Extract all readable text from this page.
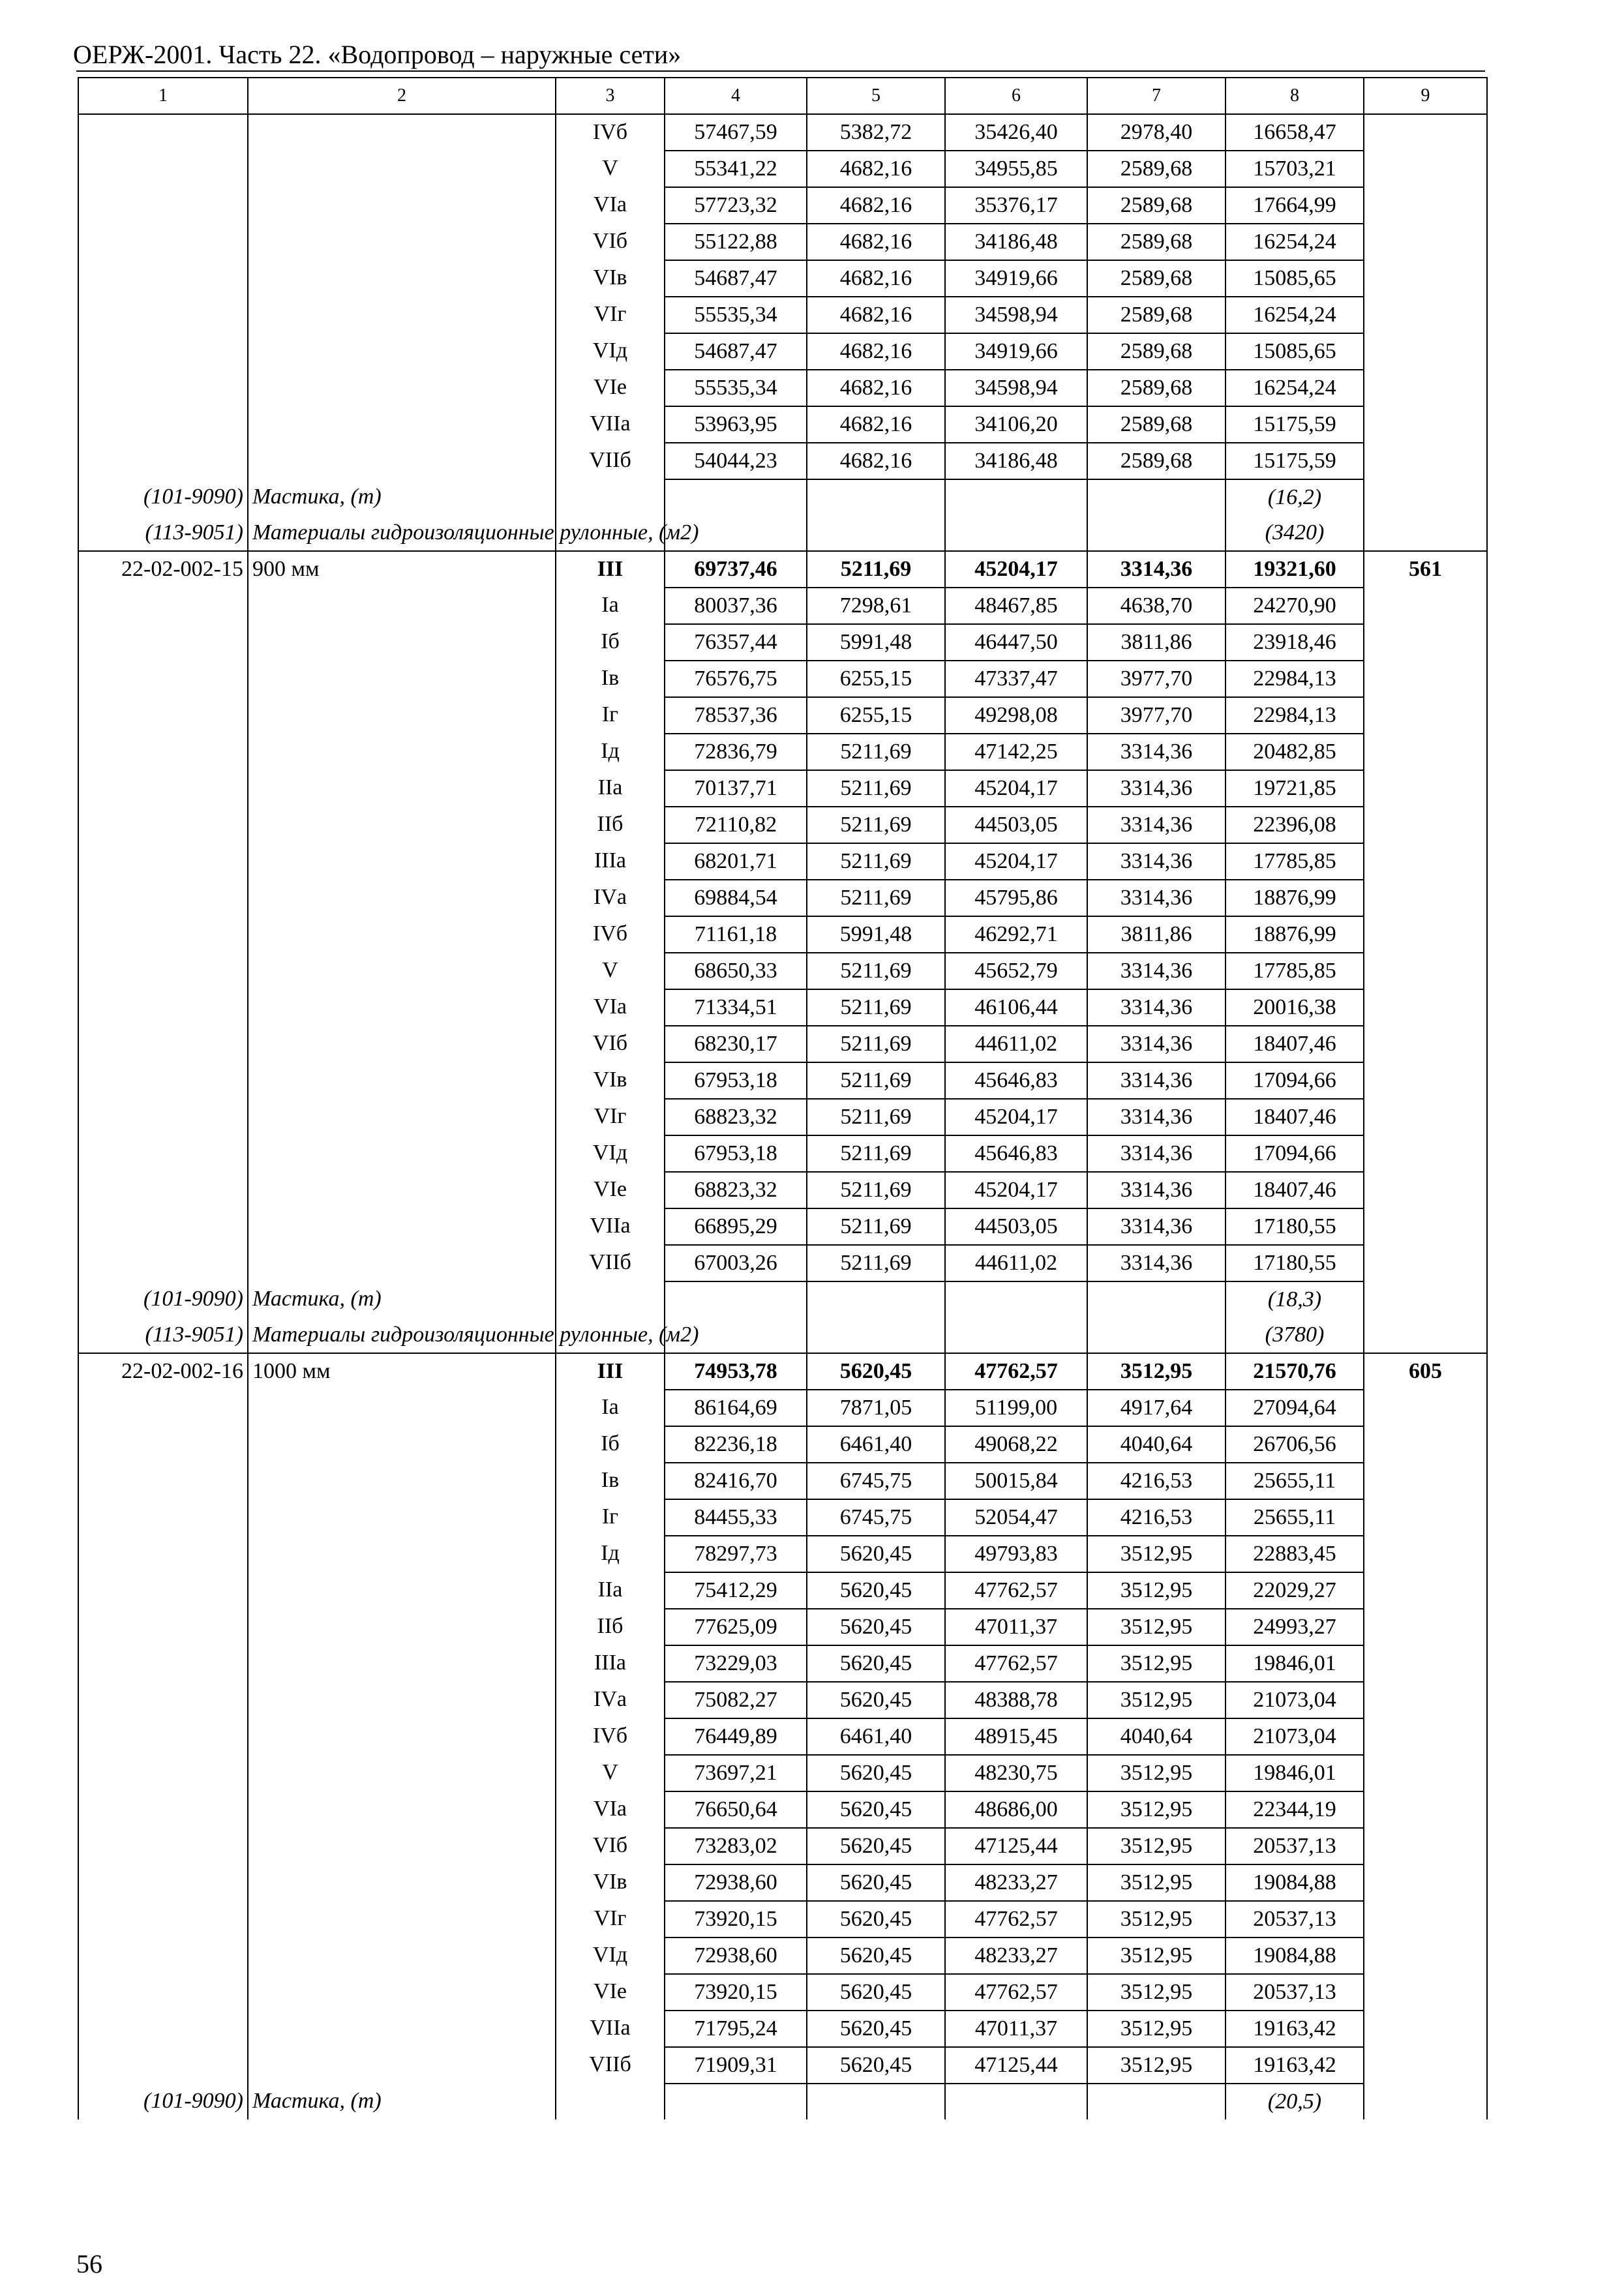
ОЕРЖ-2001. Часть 22. «Водопровод – наружные сети»
1	2	3	4	5	6	7	8	9
		IVб	57467,59	5382,72	35426,40	2978,40	16658,47	
		V	55341,22	4682,16	34955,85	2589,68	15703,21	
		VIа	57723,32	4682,16	35376,17	2589,68	17664,99	
		VIб	55122,88	4682,16	34186,48	2589,68	16254,24	
		VIв	54687,47	4682,16	34919,66	2589,68	15085,65	
		VIг	55535,34	4682,16	34598,94	2589,68	16254,24	
		VIд	54687,47	4682,16	34919,66	2589,68	15085,65	
		VIе	55535,34	4682,16	34598,94	2589,68	16254,24	
		VIIа	53963,95	4682,16	34106,20	2589,68	15175,59	
		VIIб	54044,23	4682,16	34186,48	2589,68	15175,59	
(101-9090)	Мастика, (т)						(16,2)	
(113-9051)	Материалы гидроизоляционные рулонные, (м2)						(3420)	
22-02-002-15	900 мм	III	69737,46	5211,69	45204,17	3314,36	19321,60	561
		Iа	80037,36	7298,61	48467,85	4638,70	24270,90	
		Iб	76357,44	5991,48	46447,50	3811,86	23918,46	
		Iв	76576,75	6255,15	47337,47	3977,70	22984,13	
		Iг	78537,36	6255,15	49298,08	3977,70	22984,13	
		Iд	72836,79	5211,69	47142,25	3314,36	20482,85	
		IIа	70137,71	5211,69	45204,17	3314,36	19721,85	
		IIб	72110,82	5211,69	44503,05	3314,36	22396,08	
		IIIа	68201,71	5211,69	45204,17	3314,36	17785,85	
		IVа	69884,54	5211,69	45795,86	3314,36	18876,99	
		IVб	71161,18	5991,48	46292,71	3811,86	18876,99	
		V	68650,33	5211,69	45652,79	3314,36	17785,85	
		VIа	71334,51	5211,69	46106,44	3314,36	20016,38	
		VIб	68230,17	5211,69	44611,02	3314,36	18407,46	
		VIв	67953,18	5211,69	45646,83	3314,36	17094,66	
		VIг	68823,32	5211,69	45204,17	3314,36	18407,46	
		VIд	67953,18	5211,69	45646,83	3314,36	17094,66	
		VIе	68823,32	5211,69	45204,17	3314,36	18407,46	
		VIIа	66895,29	5211,69	44503,05	3314,36	17180,55	
		VIIб	67003,26	5211,69	44611,02	3314,36	17180,55	
(101-9090)	Мастика, (т)						(18,3)	
(113-9051)	Материалы гидроизоляционные рулонные, (м2)						(3780)	
22-02-002-16	1000 мм	III	74953,78	5620,45	47762,57	3512,95	21570,76	605
		Iа	86164,69	7871,05	51199,00	4917,64	27094,64	
		Iб	82236,18	6461,40	49068,22	4040,64	26706,56	
		Iв	82416,70	6745,75	50015,84	4216,53	25655,11	
		Iг	84455,33	6745,75	52054,47	4216,53	25655,11	
		Iд	78297,73	5620,45	49793,83	3512,95	22883,45	
		IIа	75412,29	5620,45	47762,57	3512,95	22029,27	
		IIб	77625,09	5620,45	47011,37	3512,95	24993,27	
		IIIа	73229,03	5620,45	47762,57	3512,95	19846,01	
		IVа	75082,27	5620,45	48388,78	3512,95	21073,04	
		IVб	76449,89	6461,40	48915,45	4040,64	21073,04	
		V	73697,21	5620,45	48230,75	3512,95	19846,01	
		VIа	76650,64	5620,45	48686,00	3512,95	22344,19	
		VIб	73283,02	5620,45	47125,44	3512,95	20537,13	
		VIв	72938,60	5620,45	48233,27	3512,95	19084,88	
		VIг	73920,15	5620,45	47762,57	3512,95	20537,13	
		VIд	72938,60	5620,45	48233,27	3512,95	19084,88	
		VIе	73920,15	5620,45	47762,57	3512,95	20537,13	
		VIIа	71795,24	5620,45	47011,37	3512,95	19163,42	
		VIIб	71909,31	5620,45	47125,44	3512,95	19163,42	
(101-9090)	Мастика, (т)						(20,5)	
56
